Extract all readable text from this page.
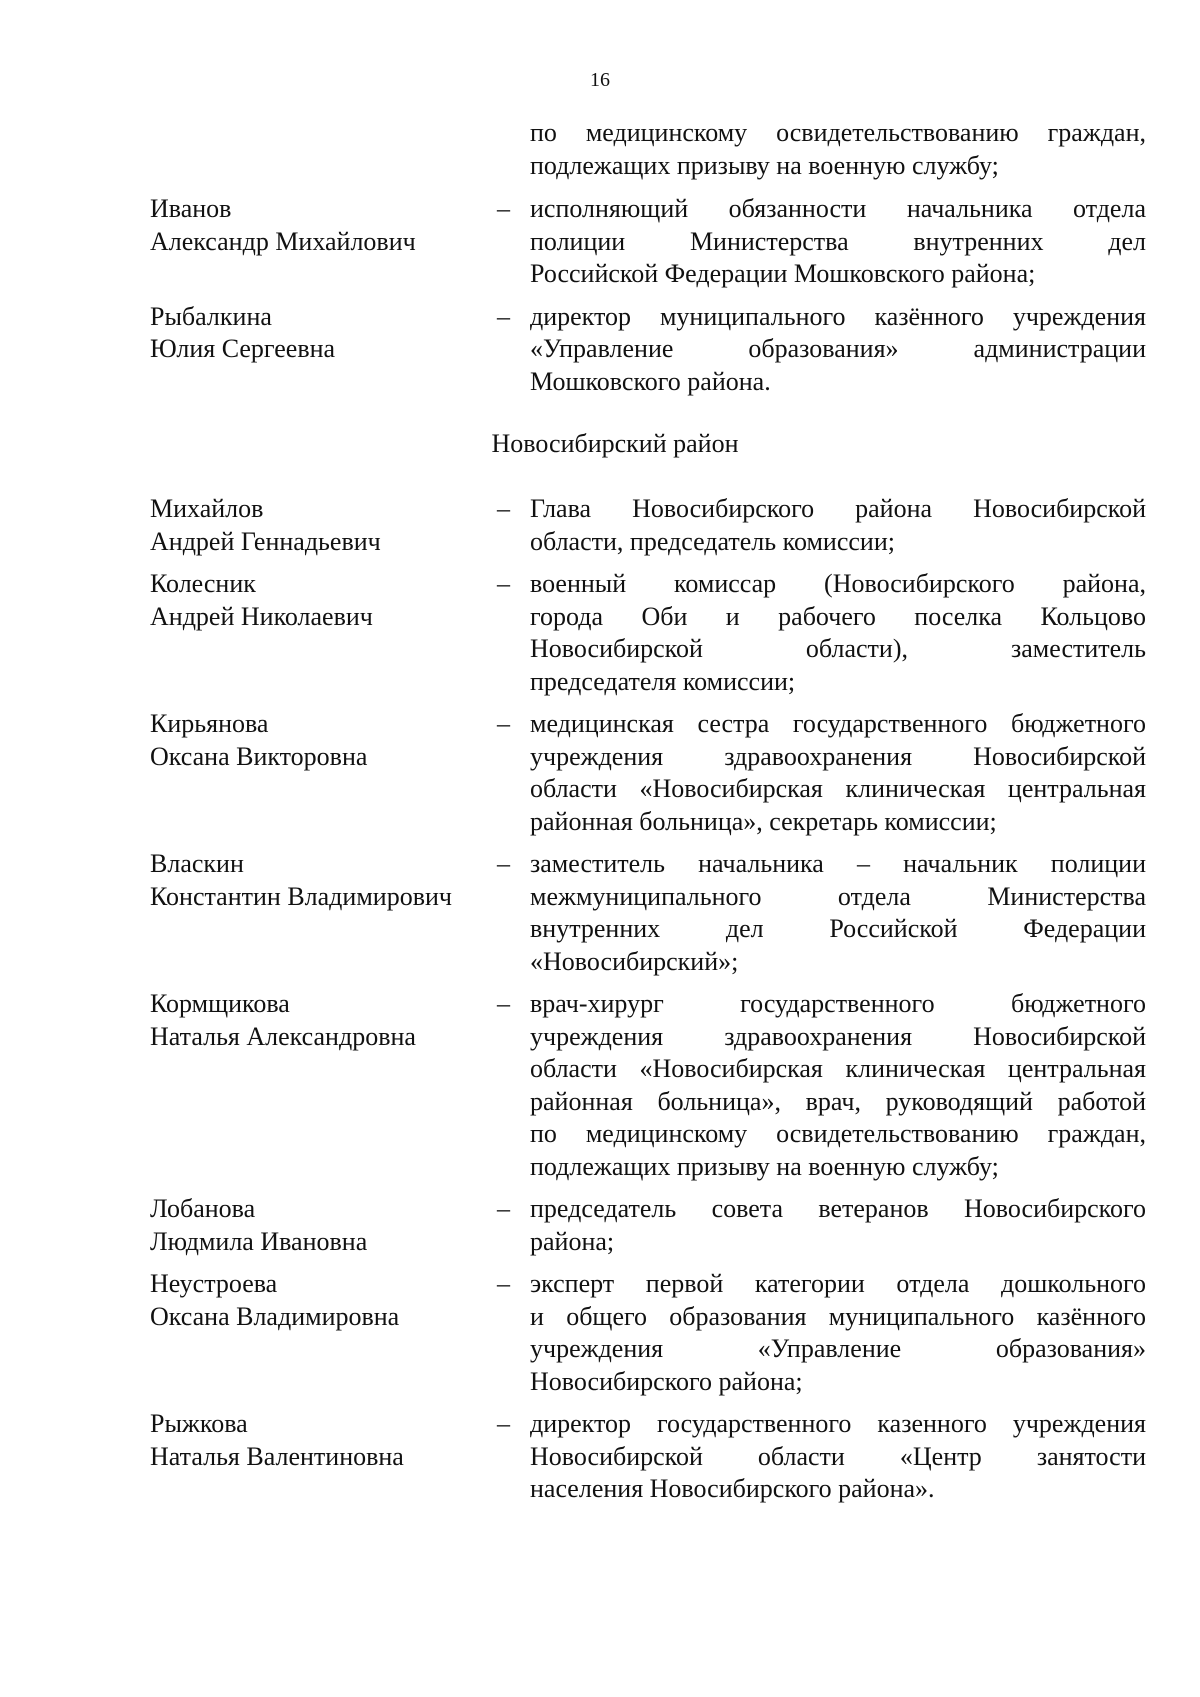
16
по медицинскому освидетельствованию граждан,
подлежащих призыву на военную службу;
Иванов
Александр Михайлович
– исполняющий обязанности начальника отдела
полиции Министерства внутренних дел
Российской Федерации Мошковского района;
Рыбалкина
Юлия Сергеевна
– директор муниципального казённого учреждения
«Управление образования» администрации
Мошковского района.
Новосибирский район
Михайлов
Андрей Геннадьевич
– Глава Новосибирского района Новосибирской
области, председатель комиссии;
Колесник
Андрей Николаевич
– военный комиссар (Новосибирского района,
города Оби и рабочего поселка Кольцово
Новосибирской области), заместитель
председателя комиссии;
Кирьянова
Оксана Викторовна
– медицинская сестра государственного бюджетного
учреждения здравоохранения Новосибирской
области «Новосибирская клиническая центральная
районная больница», секретарь комиссии;
Власкин
Константин Владимирович
– заместитель начальника – начальник полиции
межмуниципального отдела Министерства
внутренних дел Российской Федерации
«Новосибирский»;
Кормщикова
Наталья Александровна
– врач-хирург государственного бюджетного
учреждения здравоохранения Новосибирской
области «Новосибирская клиническая центральная
районная больница», врач, руководящий работой
по медицинскому освидетельствованию граждан,
подлежащих призыву на военную службу;
Лобанова
Людмила Ивановна
– председатель совета ветеранов Новосибирского
района;
Неустроева
Оксана Владимировна
– эксперт первой категории отдела дошкольного
и общего образования муниципального казённого
учреждения «Управление образования»
Новосибирского района;
Рыжкова
Наталья Валентиновна
– директор государственного казенного учреждения
Новосибирской области «Центр занятости
населения Новосибирского района».
